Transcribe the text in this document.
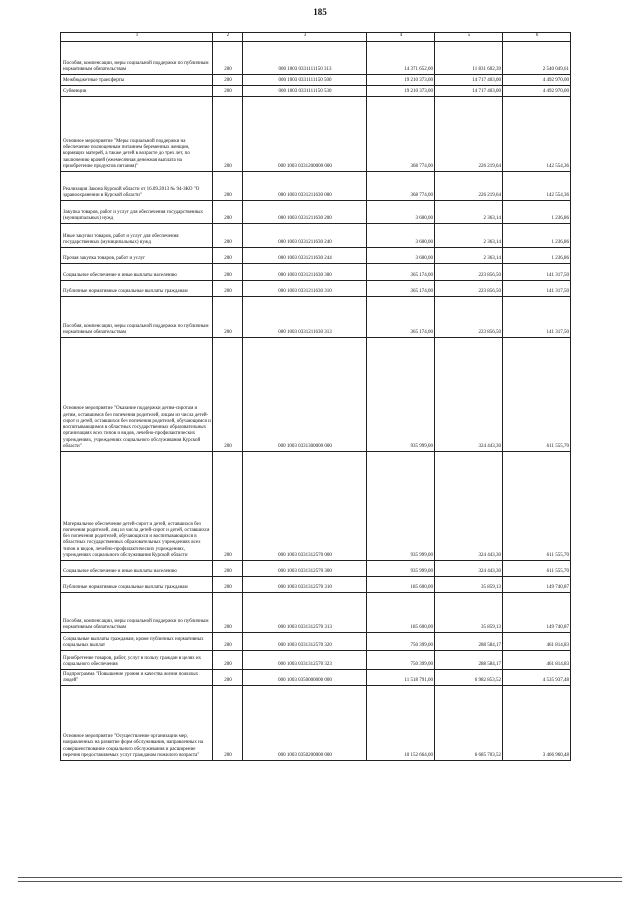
185
1	2	3	4	5	6
Пособия, компенсации, меры социальной поддержки по публичным нормативным обязательствам	200	000 1003 0331111150 313	14 371 652,00	11 831 602,39	2 540 049,61
Межбюджетные трансферты	200	000 1003 0331111150 500	19 210 373,00	14 717 403,00	4 492 970,00
Субвенции	200	000 1003 0331111150 530	19 210 373,00	14 717 403,00	4 492 970,00
Основное мероприятие "Меры социальной поддержки на обеспечение полноценным питанием беременных женщин, кормящих матерей, а также детей в возрасте до трех лет, по заключению врачей (ежемесячная денежная выплата на приобретение продуктов питания)"	200	000 1003 0331200000 000	368 774,00	226 219,64	142 554,36
Реализация Закона Курской области от 16.09.2013 № 94-ЗКО "О здравоохранении в Курской области"	200	000 1003 0331211630 000	368 774,00	226 219,64	142 554,36
Закупка товаров, работ и услуг для обеспечения государственных (муниципальных) нужд	200	000 1003 0331211630 200	3 600,00	2 363,14	1 236,86
Иные закупки товаров, работ и услуг для обеспечения государственных (муниципальных) нужд	200	000 1003 0331211630 240	3 600,00	2 363,14	1 236,86
Прочая закупка товаров, работ и услуг	200	000 1003 0331211630 244	3 600,00	2 363,14	1 236,86
Социальное обеспечение и иные выплаты населению	200	000 1003 0331211630 300	365 174,00	223 856,50	141 317,50
Публичные нормативные социальные выплаты гражданам	200	000 1003 0331211630 310	365 174,00	223 856,50	141 317,50
Пособия, компенсации, меры социальной поддержки по публичным нормативным обязательствам	200	000 1003 0331211630 313	365 174,00	223 856,50	141 317,50
Основное мероприятие "Оказание поддержки детям-сиротам и детям, оставшимся без попечения родителей, лицам из числа детей-сирот и детей, оставшихся без попечения родителей, обучающимся и воспитывающимся в областных государственных образовательных организациях всех типов и видов, лечебно-профилактических учреждениях, учреждениях социального обслуживания Курской области"	200	000 1003 0331300000 000	935 999,00	324 443,30	611 555,70
Материальное обеспечение детей-сирот и детей, оставшихся без попечения родителей, лиц из числа детей-сирот и детей, оставшихся без попечения родителей, обучающихся и воспитывающихся в областных государственных образовательных учреждениях всех типов и видов, лечебно-профилактических учреждениях, учреждениях социального обслуживания Курской области	200	000 1003 0331312570 000	935 999,00	324 443,30	611 555,70
Социальное обеспечение и иные выплаты населению	200	000 1003 0331312570 300	935 999,00	324 443,30	611 555,70
Публичные нормативные социальные выплаты гражданам	200	000 1003 0331312570 310	185 600,00	35 859,13	149 740,87
Пособия, компенсации, меры социальной поддержки по публичным нормативным обязательствам	200	000 1003 0331312570 313	185 600,00	35 859,13	149 740,87
Социальные выплаты гражданам, кроме публичных нормативных социальных выплат	200	000 1003 0331312570 320	750 399,00	288 584,17	461 814,83
Приобретение товаров, работ, услуг в пользу граждан в целях их социального обеспечения	200	000 1003 0331312570 323	750 399,00	288 584,17	461 814,83
Подпрограмма "Повышение уровня и качества жизни пожилых людей"	200	000 1003 0350000000 000	11 518 791,00	6 982 853,52	4 535 937,48
Основное мероприятие "Осуществление организации мер, направленных на развитие форм обслуживания, направленных на совершенствование социального обслуживания и расширение перечня предоставляемых услуг гражданам пожилого возраста"	200	000 1003 0350200000 000	10 152 664,00	6 685 703,52	3 466 960,48
